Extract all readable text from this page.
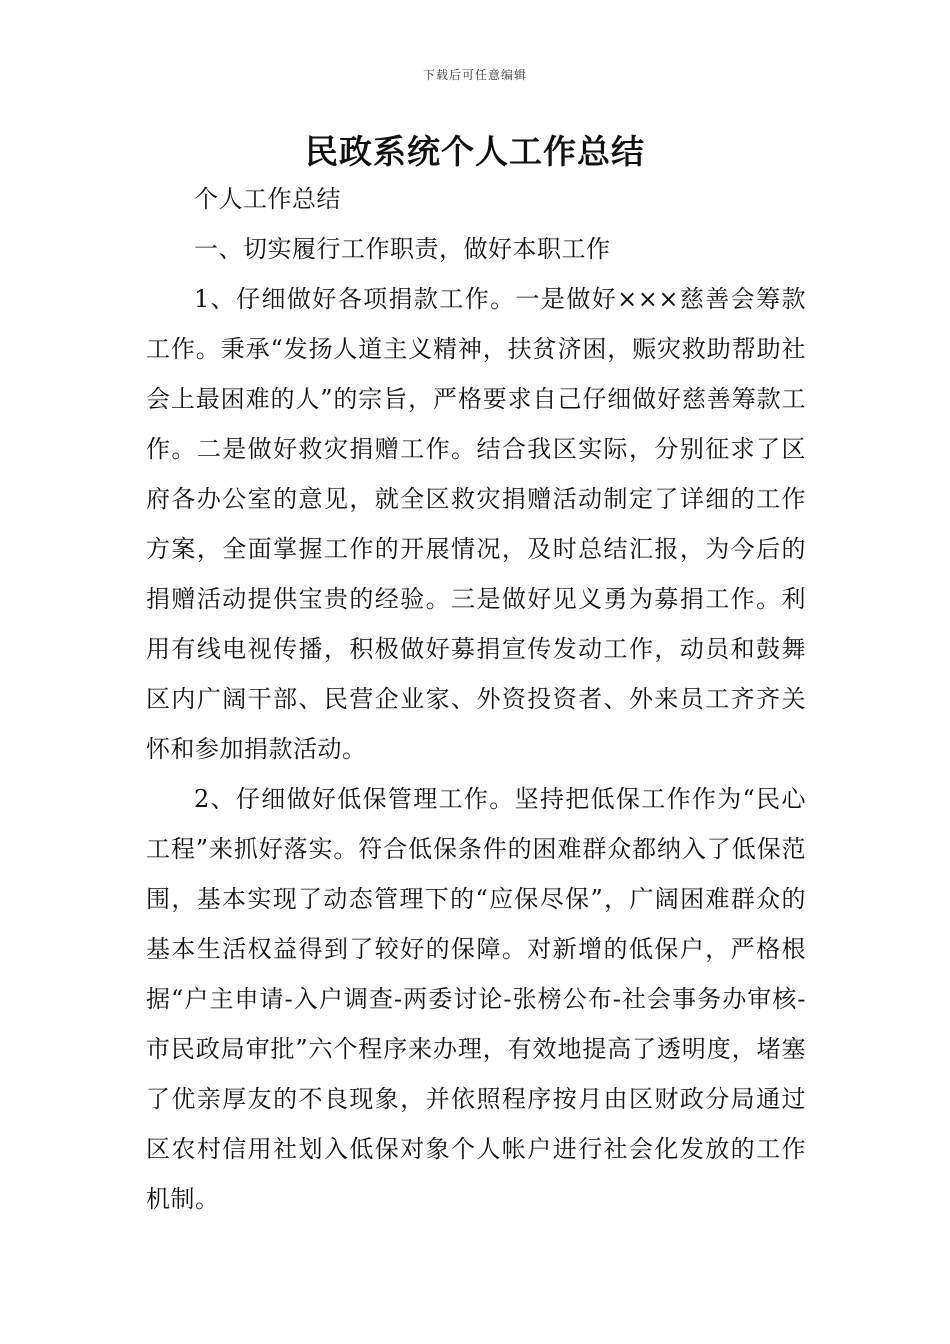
下载后可任意编辑
民政系统个人工作总结

个人工作总结

一、切实履行工作职责，做好本职工作

1、仔细做好各项捐款工作。一是做好×××慈善会筹款工作。秉承“发扬人道主义精神，扶贫济困，赈灾救助帮助社会上最困难的人”的宗旨，严格要求自己仔细做好慈善筹款工作。二是做好救灾捐赠工作。结合我区实际，分别征求了区府各办公室的意见，就全区救灾捐赠活动制定了详细的工作方案，全面掌握工作的开展情况，及时总结汇报，为今后的捐赠活动提供宝贵的经验。三是做好见义勇为募捐工作。利用有线电视传播，积极做好募捐宣传发动工作，动员和鼓舞区内广阔干部、民营企业家、外资投资者、外来员工齐齐关怀和参加捐款活动。

2、仔细做好低保管理工作。坚持把低保工作作为“民心工程”来抓好落实。符合低保条件的困难群众都纳入了低保范围，基本实现了动态管理下的“应保尽保”，广阔困难群众的基本生活权益得到了较好的保障。对新增的低保户，严格根据“户主申请-入户调查-两委讨论-张榜公布-社会事务办审核-市民政局审批”六个程序来办理，有效地提高了透明度，堵塞了优亲厚友的不良现象，并依照程序按月由区财政分局通过区农村信用社划入低保对象个人帐户进行社会化发放的工作机制。
